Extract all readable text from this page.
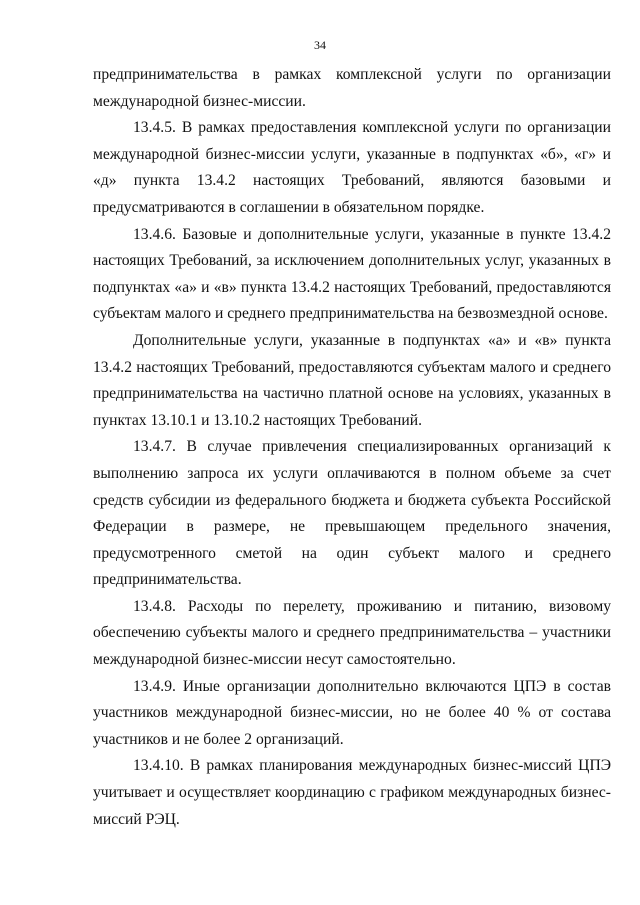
34

предпринимательства в рамках комплексной услуги по организации международной бизнес-миссии.

13.4.5. В рамках предоставления комплексной услуги по организации международной бизнес-миссии услуги, указанные в подпунктах «б», «г» и «д» пункта 13.4.2 настоящих Требований, являются базовыми и предусматриваются в соглашении в обязательном порядке.

13.4.6. Базовые и дополнительные услуги, указанные в пункте 13.4.2 настоящих Требований, за исключением дополнительных услуг, указанных в подпунктах «а» и «в» пункта 13.4.2 настоящих Требований, предоставляются субъектам малого и среднего предпринимательства на безвозмездной основе.

Дополнительные услуги, указанные в подпунктах «а» и «в» пункта 13.4.2 настоящих Требований, предоставляются субъектам малого и среднего предпринимательства на частично платной основе на условиях, указанных в пунктах 13.10.1 и 13.10.2 настоящих Требований.

13.4.7. В случае привлечения специализированных организаций к выполнению запроса их услуги оплачиваются в полном объеме за счет средств субсидии из федерального бюджета и бюджета субъекта Российской Федерации в размере, не превышающем предельного значения, предусмотренного сметой на один субъект малого и среднего предпринимательства.

13.4.8. Расходы по перелету, проживанию и питанию, визовому обеспечению субъекты малого и среднего предпринимательства – участники международной бизнес-миссии несут самостоятельно.

13.4.9. Иные организации дополнительно включаются ЦПЭ в состав участников международной бизнес-миссии, но не более 40 % от состава участников и не более 2 организаций.

13.4.10. В рамках планирования международных бизнес-миссий ЦПЭ учитывает и осуществляет координацию с графиком международных бизнес-миссий РЭЦ.
